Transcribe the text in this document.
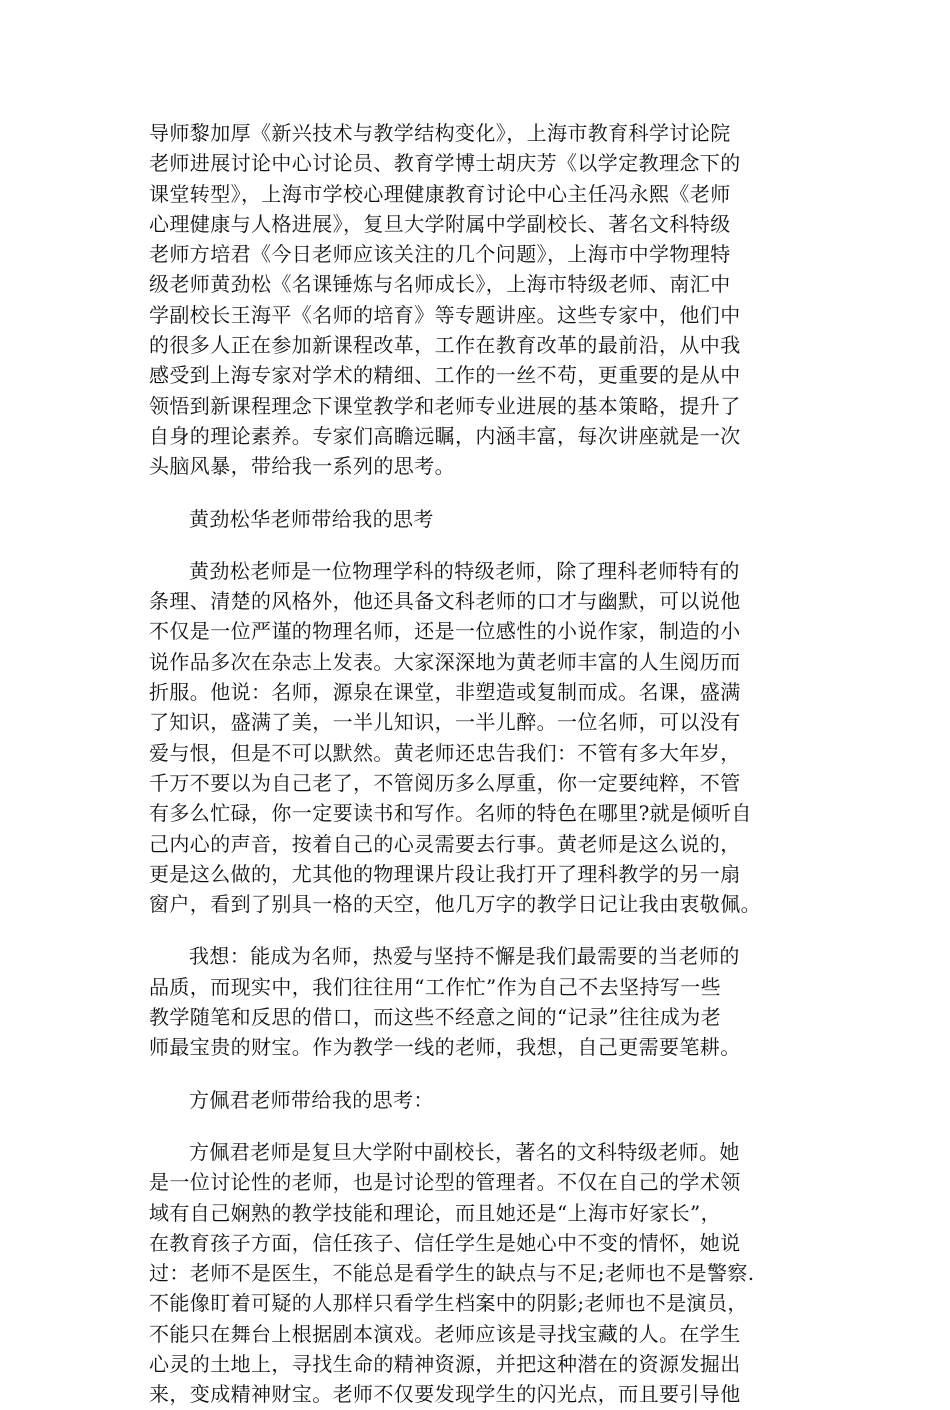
导师黎加厚《新兴技术与教学结构变化》，上海市教育科学讨论院
老师进展讨论中心讨论员、教育学博士胡庆芳《以学定教理念下的
课堂转型》，上海市学校心理健康教育讨论中心主任冯永熙《老师
心理健康与人格进展》，复旦大学附属中学副校长、著名文科特级
老师方培君《今日老师应该关注的几个问题》，上海市中学物理特
级老师黄劲松《名课锤炼与名师成长》，上海市特级老师、南汇中
学副校长王海平《名师的培育》等专题讲座。这些专家中，他们中
的很多人正在参加新课程改革，工作在教育改革的最前沿，从中我
感受到上海专家对学术的精细、工作的一丝不苟，更重要的是从中
领悟到新课程理念下课堂教学和老师专业进展的基本策略，提升了
自身的理论素养。专家们高瞻远瞩，内涵丰富，每次讲座就是一次
头脑风暴，带给我一系列的思考。
黄劲松华老师带给我的思考
黄劲松老师是一位物理学科的特级老师，除了理科老师特有的
条理、清楚的风格外，他还具备文科老师的口才与幽默，可以说他
不仅是一位严谨的物理名师，还是一位感性的小说作家，制造的小
说作品多次在杂志上发表。大家深深地为黄老师丰富的人生阅历而
折服。他说：名师，源泉在课堂，非塑造或复制而成。名课，盛满
了知识，盛满了美，一半儿知识，一半儿醉。一位名师，可以没有
爱与恨，但是不可以默然。黄老师还忠告我们：不管有多大年岁，
千万不要以为自己老了，不管阅历多么厚重，你一定要纯粹，不管
有多么忙碌，你一定要读书和写作。名师的特色在哪里?就是倾听自
己内心的声音，按着自己的心灵需要去行事。黄老师是这么说的，
更是这么做的，尤其他的物理课片段让我打开了理科教学的另一扇
窗户，看到了别具一格的天空，他几万字的教学日记让我由衷敬佩。
我想：能成为名师，热爱与坚持不懈是我们最需要的当老师的
品质，而现实中，我们往往用“工作忙”作为自己不去坚持写一些
教学随笔和反思的借口，而这些不经意之间的“记录”往往成为老
师最宝贵的财宝。作为教学一线的老师，我想，自己更需要笔耕。
方佩君老师带给我的思考：
方佩君老师是复旦大学附中副校长，著名的文科特级老师。她
是一位讨论性的老师，也是讨论型的管理者。不仅在自己的学术领
域有自己娴熟的教学技能和理论，而且她还是“上海市好家长”，
在教育孩子方面，信任孩子、信任学生是她心中不变的情怀，她说
过：老师不是医生，不能总是看学生的缺点与不足;老师也不是警察.
不能像盯着可疑的人那样只看学生档案中的阴影;老师也不是演员，
不能只在舞台上根据剧本演戏。老师应该是寻找宝藏的人。在学生
心灵的土地上，寻找生命的精神资源，并把这种潜在的资源发掘出
来，变成精神财宝。老师不仅要发现学生的闪光点，而且要引导他
